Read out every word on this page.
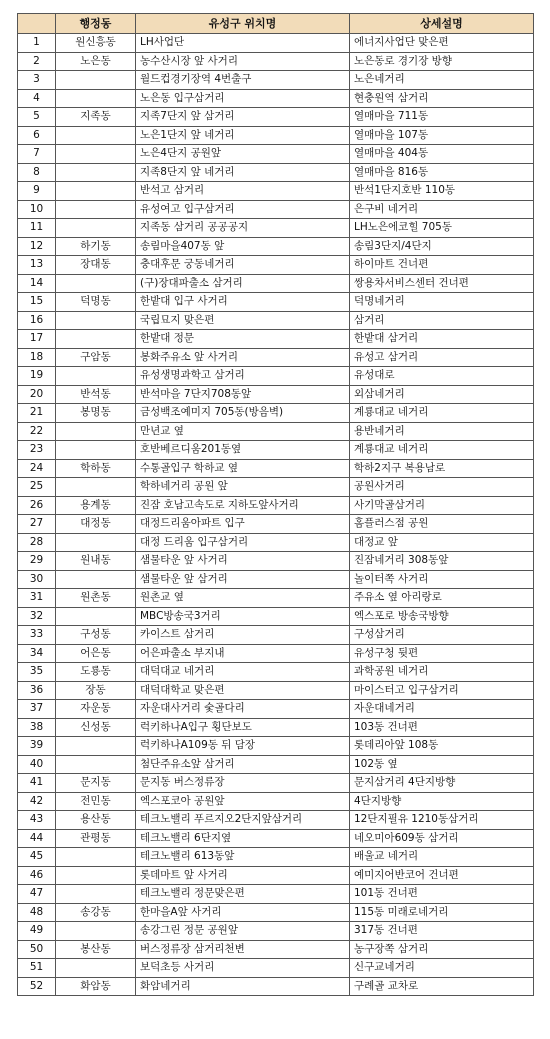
	행정동	유성구 위치명	상세설명
1	원신흥동	LH사업단	에너지사업단 맞은편
2	노은동	농수산시장 앞 사거리	노은동로 경기장 방향
3		월드컵경기장역 4번출구	노은네거리
4		노은동 입구삼거리	현충원역 삼거리
5	지족동	지족7단지 앞 삼거리	열매마을 711동
6		노은1단지 앞 네거리	열매마을 107동
7		노은4단지 공원앞	열매마을 404동
8		지족8단지 앞 네거리	열매마을 816동
9		반석고 삼거리	반석1단지호반 110동
10		유성여고 입구삼거리	은구비 네거리
11		지족동 삼거리 공공공지	LH노은에코힐 705동
12	하기동	송림마을407동 앞	송림3단지/4단지
13	장대동	충대후문 궁동네거리	하이마트 건너편
14		(구)장대파출소 삼거리	쌍용차서비스센터 건너편
15	덕명동	한밭대 입구 사거리	덕명네거리
16		국립묘지 맞은편	삼거리
17		한밭대 정문	한밭대 삼거리
18	구암동	봉화주유소 앞 사거리	유성고 삼거리
19		유성생명과학고 삼거리	유성대로
20	반석동	반석마을 7단지708동앞	외삼네거리
21	봉명동	금성백조예미지 705동(방음벽)	계룡대교 네거리
22		만년교 옆	용반네거리
23		호반베르디움201동옆	계룡대교 네거리
24	학하동	수통골입구 학하교 옆	학하2지구 복용남로
25		학하네거리 공원 앞	공원사거리
26	용계동	진잠 호남고속도로 지하도앞사거리	사기막골삼거리
27	대정동	대정드리움아파트 입구	홈플러스점 공원
28		대정 드리움 입구삼거리	대정교 앞
29	원내동	샘물타운 앞 사거리	진잠네거리 308동앞
30		샘물타운 앞 삼거리	놀이터쪽 사거리
31	원촌동	원촌교 옆	주유소 옆 아리랑로
32		MBC방송국3거리	엑스포로 방송국방향
33	구성동	카이스트 삼거리	구성삼거리
34	어은동	어은파출소 부지내	유성구청 뒷편
35	도룡동	대덕대교 네거리	과학공원 네거리
36	장동	대덕대학교 맞은편	마이스터고 입구삼거리
37	자운동	자운대사거리 숯골다리	자운대네거리
38	신성동	럭키하나A입구 횡단보도	103동 건너편
39		럭키하나A109동 뒤 담장	롯데리아앞 108동
40		첨단주유소앞 삼거리	102동 옆
41	문지동	문지동 버스정류장	문지삼거리 4단지방향
42	전민동	엑스포코아 공원앞	4단지방향
43	용산동	테크노밸리 푸르지오2단지앞삼거리	12단지필유 1210동삼거리
44	관평동	테크노밸리 6단지옆	네오미아609동 삼거리
45		테크노밸리 613동앞	배울교 네거리
46		롯데마트 앞 사거리	예미지어반코어 건너편
47		테크노밸리 정문맞은편	101동 건너편
48	송강동	한마을A앞 사거리	115동 미래로네거리
49		송강그린 정문 공원앞	317동 건너편
50	봉산동	버스정류장 삼거리천변	농구장쪽 삼거리
51		보덕초등 사거리	신구교네거리
52	화암동	화암네거리	구례골 교차로
